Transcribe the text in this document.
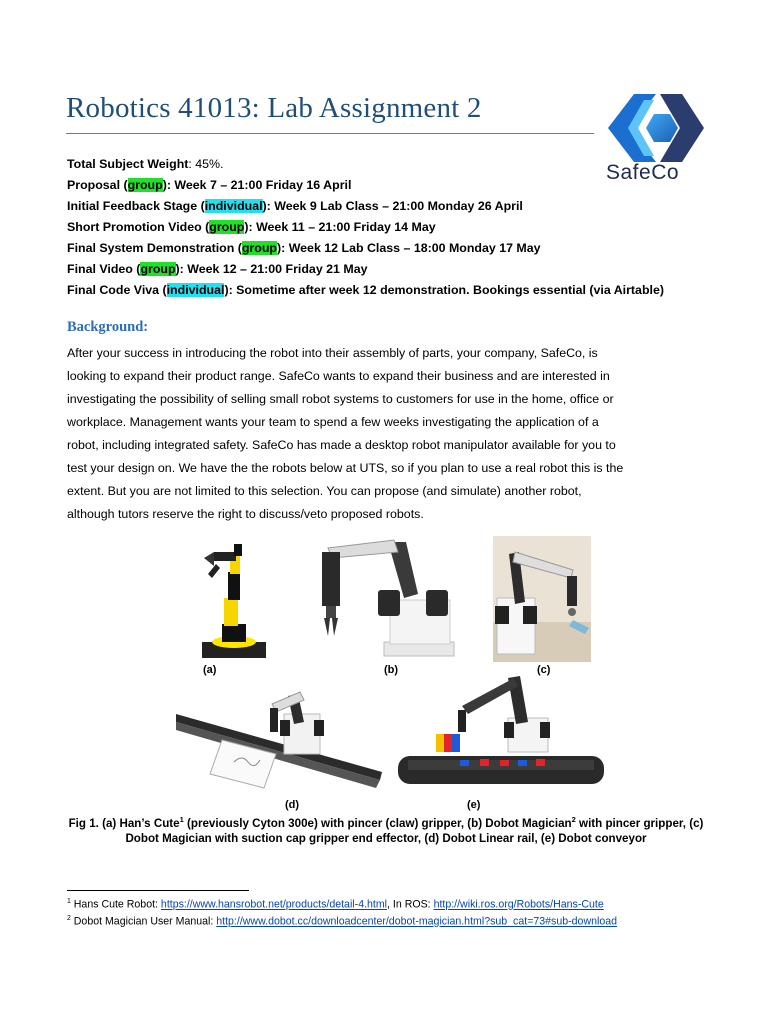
Robotics 41013: Lab Assignment 2
SafeCo
Total Subject Weight: 45%.
Proposal (group): Week 7 – 21:00 Friday 16 April
Initial Feedback Stage (individual): Week 9 Lab Class – 21:00 Monday 26 April
Short Promotion Video (group): Week 11 – 21:00 Friday 14 May
Final System Demonstration (group): Week 12 Lab Class – 18:00 Monday 17 May
Final Video (group): Week 12 – 21:00 Friday 21 May
Final Code Viva (individual): Sometime after week 12 demonstration. Bookings essential (via Airtable)
Background:
After your success in introducing the robot into their assembly of parts, your company, SafeCo, is
looking to expand their product range. SafeCo wants to expand their business and are interested in
investigating the possibility of selling small robot systems to customers for use in the home, office or
workplace. Management wants your team to spend a few weeks investigating the application of a
robot, including integrated safety. SafeCo has made a desktop robot manipulator available for you to
test your design on. We have the the robots below at UTS, so if you plan to use a real robot this is the
extent. But you are not limited to this selection. You can propose (and simulate) another robot,
although tutors reserve the right to discuss/veto proposed robots.
(a)	(b)	(c)
(d)	(e)
Fig 1. (a) Han’s Cute$^1$ (previously Cyton 300e) with pincer (claw) gripper, (b) Dobot Magician$^2$ with pincer gripper, (c) Dobot Magician with suction cap gripper end effector, (d) Dobot Linear rail, (e) Dobot conveyor
$^1$ Hans Cute Robot: https://www.hansrobot.net/products/detail-4.html, In ROS: http://wiki.ros.org/Robots/Hans-Cute
$^2$ Dobot Magician User Manual: http://www.dobot.cc/downloadcenter/dobot-magician.html?sub_cat=73#sub-download
